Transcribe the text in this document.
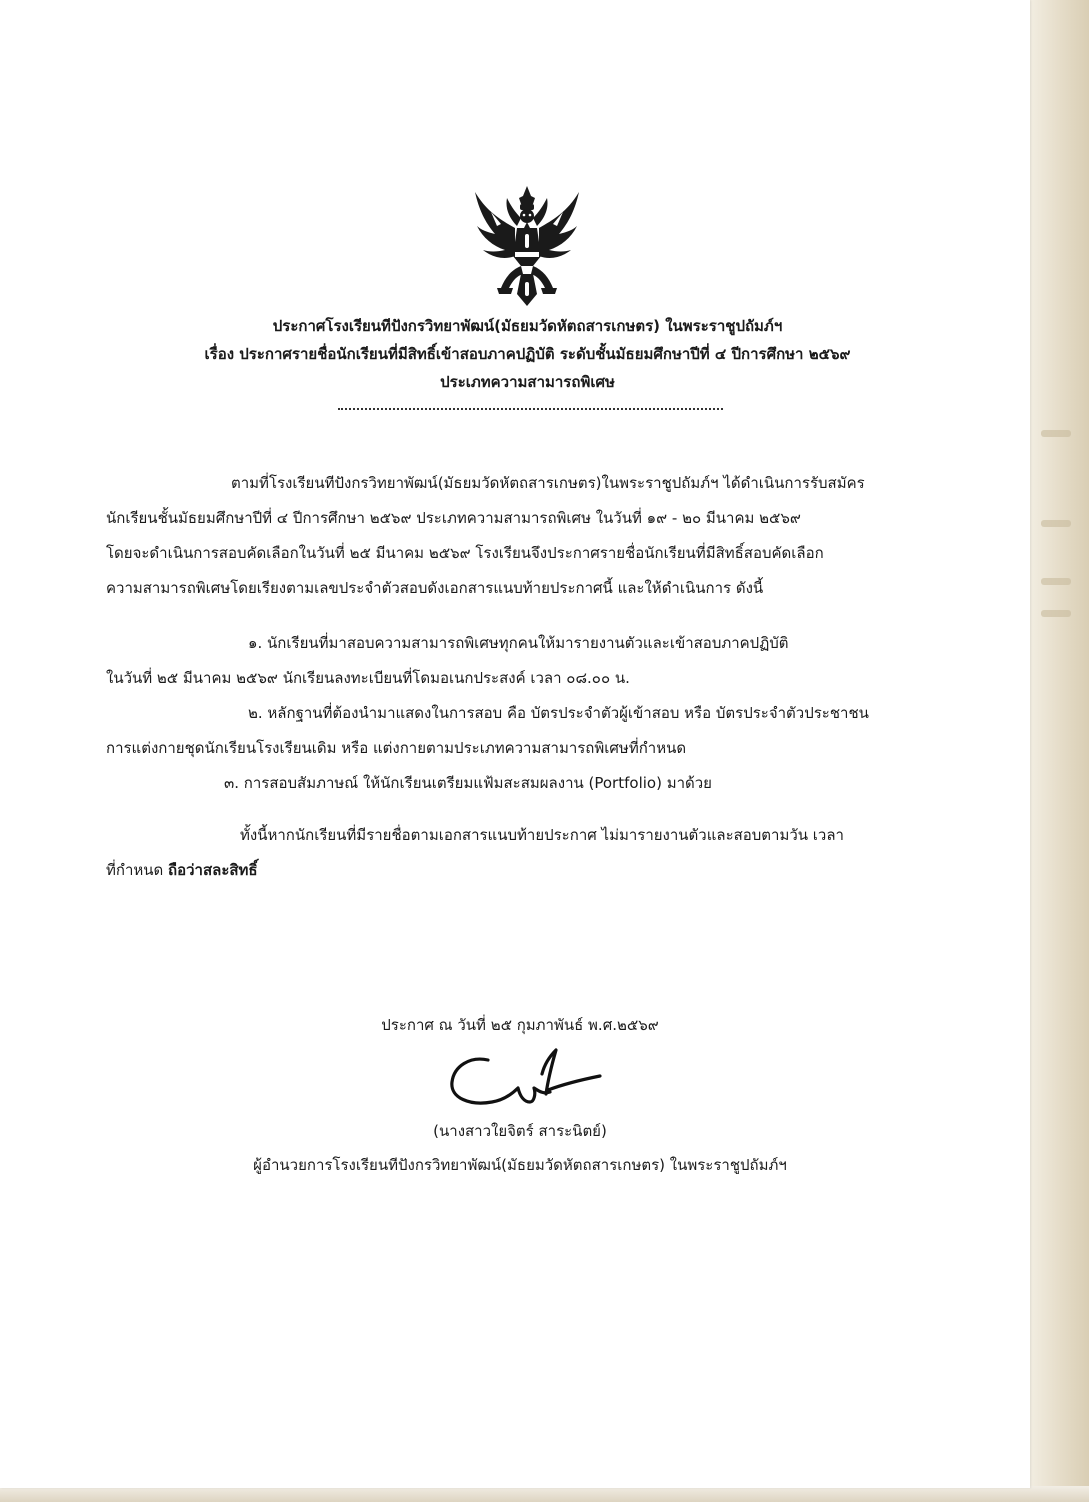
ประกาศโรงเรียนทีปังกรวิทยาพัฒน์(มัธยมวัดหัตถสารเกษตร) ในพระราชูปถัมภ์ฯ
เรื่อง ประกาศรายชื่อนักเรียนที่มีสิทธิ์เข้าสอบภาคปฏิบัติ ระดับชั้นมัธยมศึกษาปีที่ ๔ ปีการศึกษา ๒๕๖๙
ประเภทความสามารถพิเศษ
ตามที่โรงเรียนทีปังกรวิทยาพัฒน์(มัธยมวัดหัตถสารเกษตร)ในพระราชูปถัมภ์ฯ ได้ดำเนินการรับสมัคร
นักเรียนชั้นมัธยมศึกษาปีที่ ๔ ปีการศึกษา ๒๕๖๙ ประเภทความสามารถพิเศษ ในวันที่ ๑๙ - ๒๐ มีนาคม ๒๕๖๙
โดยจะดำเนินการสอบคัดเลือกในวันที่ ๒๕ มีนาคม ๒๕๖๙ โรงเรียนจึงประกาศรายชื่อนักเรียนที่มีสิทธิ์สอบคัดเลือก
ความสามารถพิเศษโดยเรียงตามเลขประจำตัวสอบดังเอกสารแนบท้ายประกาศนี้ และให้ดำเนินการ ดังนี้
๑. นักเรียนที่มาสอบความสามารถพิเศษทุกคนให้มารายงานตัวและเข้าสอบภาคปฏิบัติ
ในวันที่ ๒๕ มีนาคม ๒๕๖๙ นักเรียนลงทะเบียนที่โดมอเนกประสงค์ เวลา ๐๘.๐๐ น.
๒. หลักฐานที่ต้องนำมาแสดงในการสอบ คือ บัตรประจำตัวผู้เข้าสอบ หรือ บัตรประจำตัวประชาชน
การแต่งกายชุดนักเรียนโรงเรียนเดิม หรือ แต่งกายตามประเภทความสามารถพิเศษที่กำหนด
๓. การสอบสัมภาษณ์ ให้นักเรียนเตรียมแฟ้มสะสมผลงาน (Portfolio) มาด้วย
ทั้งนี้หากนักเรียนที่มีรายชื่อตามเอกสารแนบท้ายประกาศ ไม่มารายงานตัวและสอบตามวัน เวลา
ที่กำหนด ถือว่าสละสิทธิ์
ประกาศ ณ วันที่ ๒๕ กุมภาพันธ์ พ.ศ.๒๕๖๙
(นางสาวใยจิตร์ สาระนิตย์)
ผู้อำนวยการโรงเรียนทีปังกรวิทยาพัฒน์(มัธยมวัดหัตถสารเกษตร) ในพระราชูปถัมภ์ฯ
